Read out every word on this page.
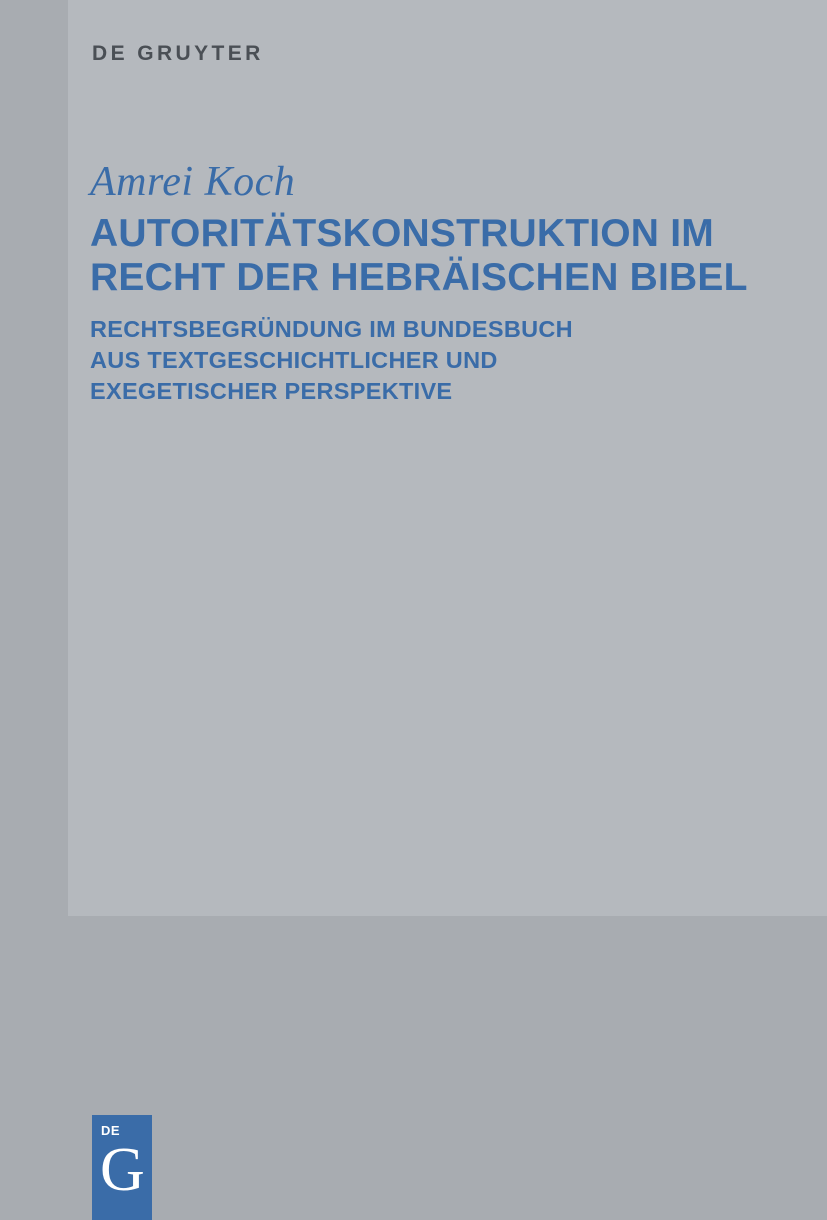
DE GRUYTER
Amrei Koch
AUTORITÄTSKONSTRUKTION IM RECHT DER HEBRÄISCHEN BIBEL
RECHTSBEGRÜNDUNG IM BUNDESBUCH
AUS TEXTGESCHICHTLICHER UND
EXEGETISCHER PERSPEKTIVE
DE
G
